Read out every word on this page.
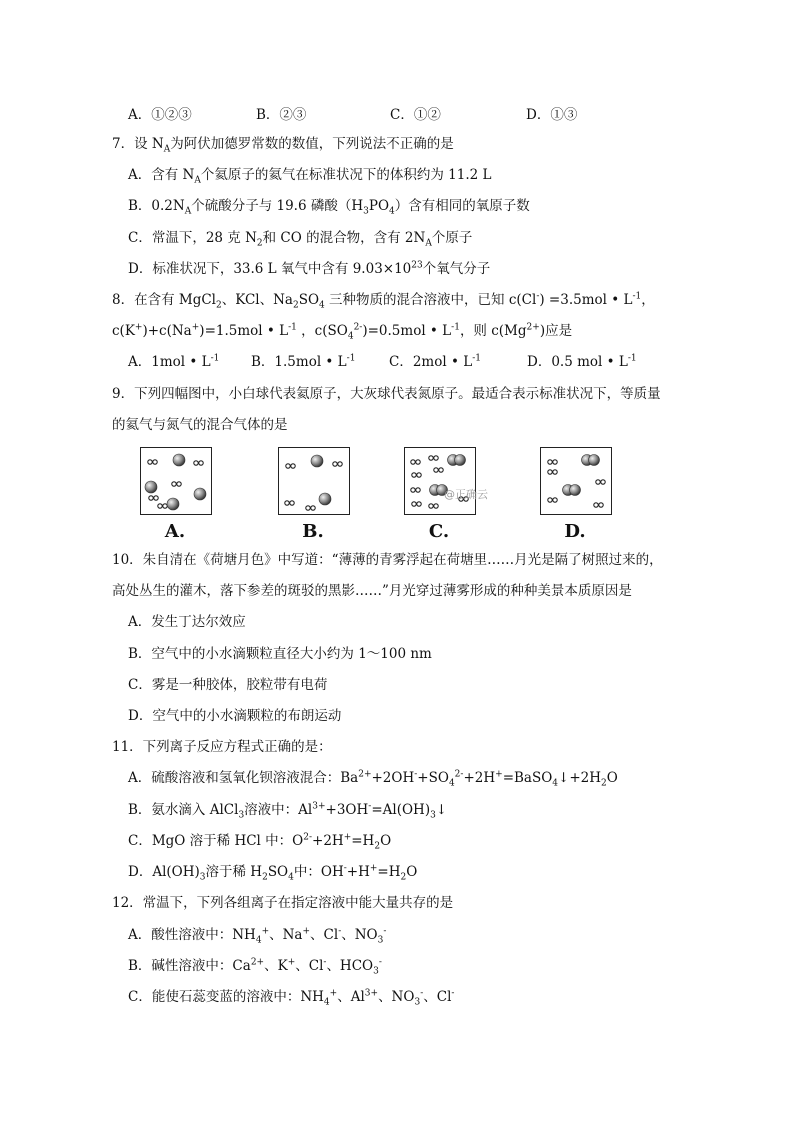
A．①②③	B．②③	C．①②	D．①③
7．设 $N_A$为阿伏加德罗常数的数值，下列说法不正确的是
A．含有 $N_A$个氦原子的氦气在标准状况下的体积约为 11.2 L
B．$0.2N_A$个硫酸分子与 19.6 磷酸$(H_3PO_4)$含有相同的氧原子数
C．常温下，28 克 $N_2$和 CO 的混合物，含有 $2N_A$个原子
D．标准状况下，33.6 L 氧气中含有 $9.03\times 10^{23}$个氧气分子
8．在含有 MgCl$_2$、KCl、$Na_2SO_4$ 三种物质的混合溶液中，已知 c(Cl-) =3.5mol • $L^{-1}$，
c(K+)+c(Na+)=1.5mol • $L^{-1}$ ，$c(SO_4^{2-})=0.5mol$ • $L^{-1}$，则 $c(Mg^{2+})$应是
A．1mol • $L^{-1}$ B．1.5mol • $L^{-1}$ C．2mol • $L^{-1}$	D．0.5 mol • $L^{-1}$
9．下列四幅图中，小白球代表氦原子，大灰球代表氮原子。最适合表示标准状况下，等质量
的氦气与氮气的混合气体的是
A.	B.	C.	D.
@正确云
10．朱自清在《荷塘月色》中写道：“薄薄的青雾浮起在荷塘里……月光是隔了树照过来的，
高处丛生的灌木，落下参差的斑驳的黑影……”月光穿过薄雾形成的种种美景本质原因是
A．发生丁达尔效应
B．空气中的小水滴颗粒直径大小约为 1～100 nm
C．雾是一种胶体，胶粒带有电荷
D．空气中的小水滴颗粒的布朗运动
11．下列离子反应方程式正确的是：
A．硫酸溶液和氢氧化钡溶液混合：$Ba^{2+}+2OH^-+SO_4^{2-}+2H^+=BaSO_4↓+2H_2O$
B．氨水滴入 AlCl$_3$溶液中：$Al^{3+}+3OH^-=Al(OH)_3↓$
C．MgO 溶于稀 HCl 中：$O^{2-}+2H^+=H_2O$
D．$Al(OH)_3$溶于稀 $H_2SO_4$中：$OH^-+H^+=H_2O$
12．常温下，下列各组离子在指定溶液中能大量共存的是
A．酸性溶液中：$NH_4^+$、Na+、Cl-、$NO_3^-$
B．碱性溶液中：$Ca^{2+}$、K+、Cl-、$HCO_3^-$
C．能使石蕊变蓝的溶液中：$NH_4^+$、$Al^{3+}$、$NO_3^-$、Cl-
